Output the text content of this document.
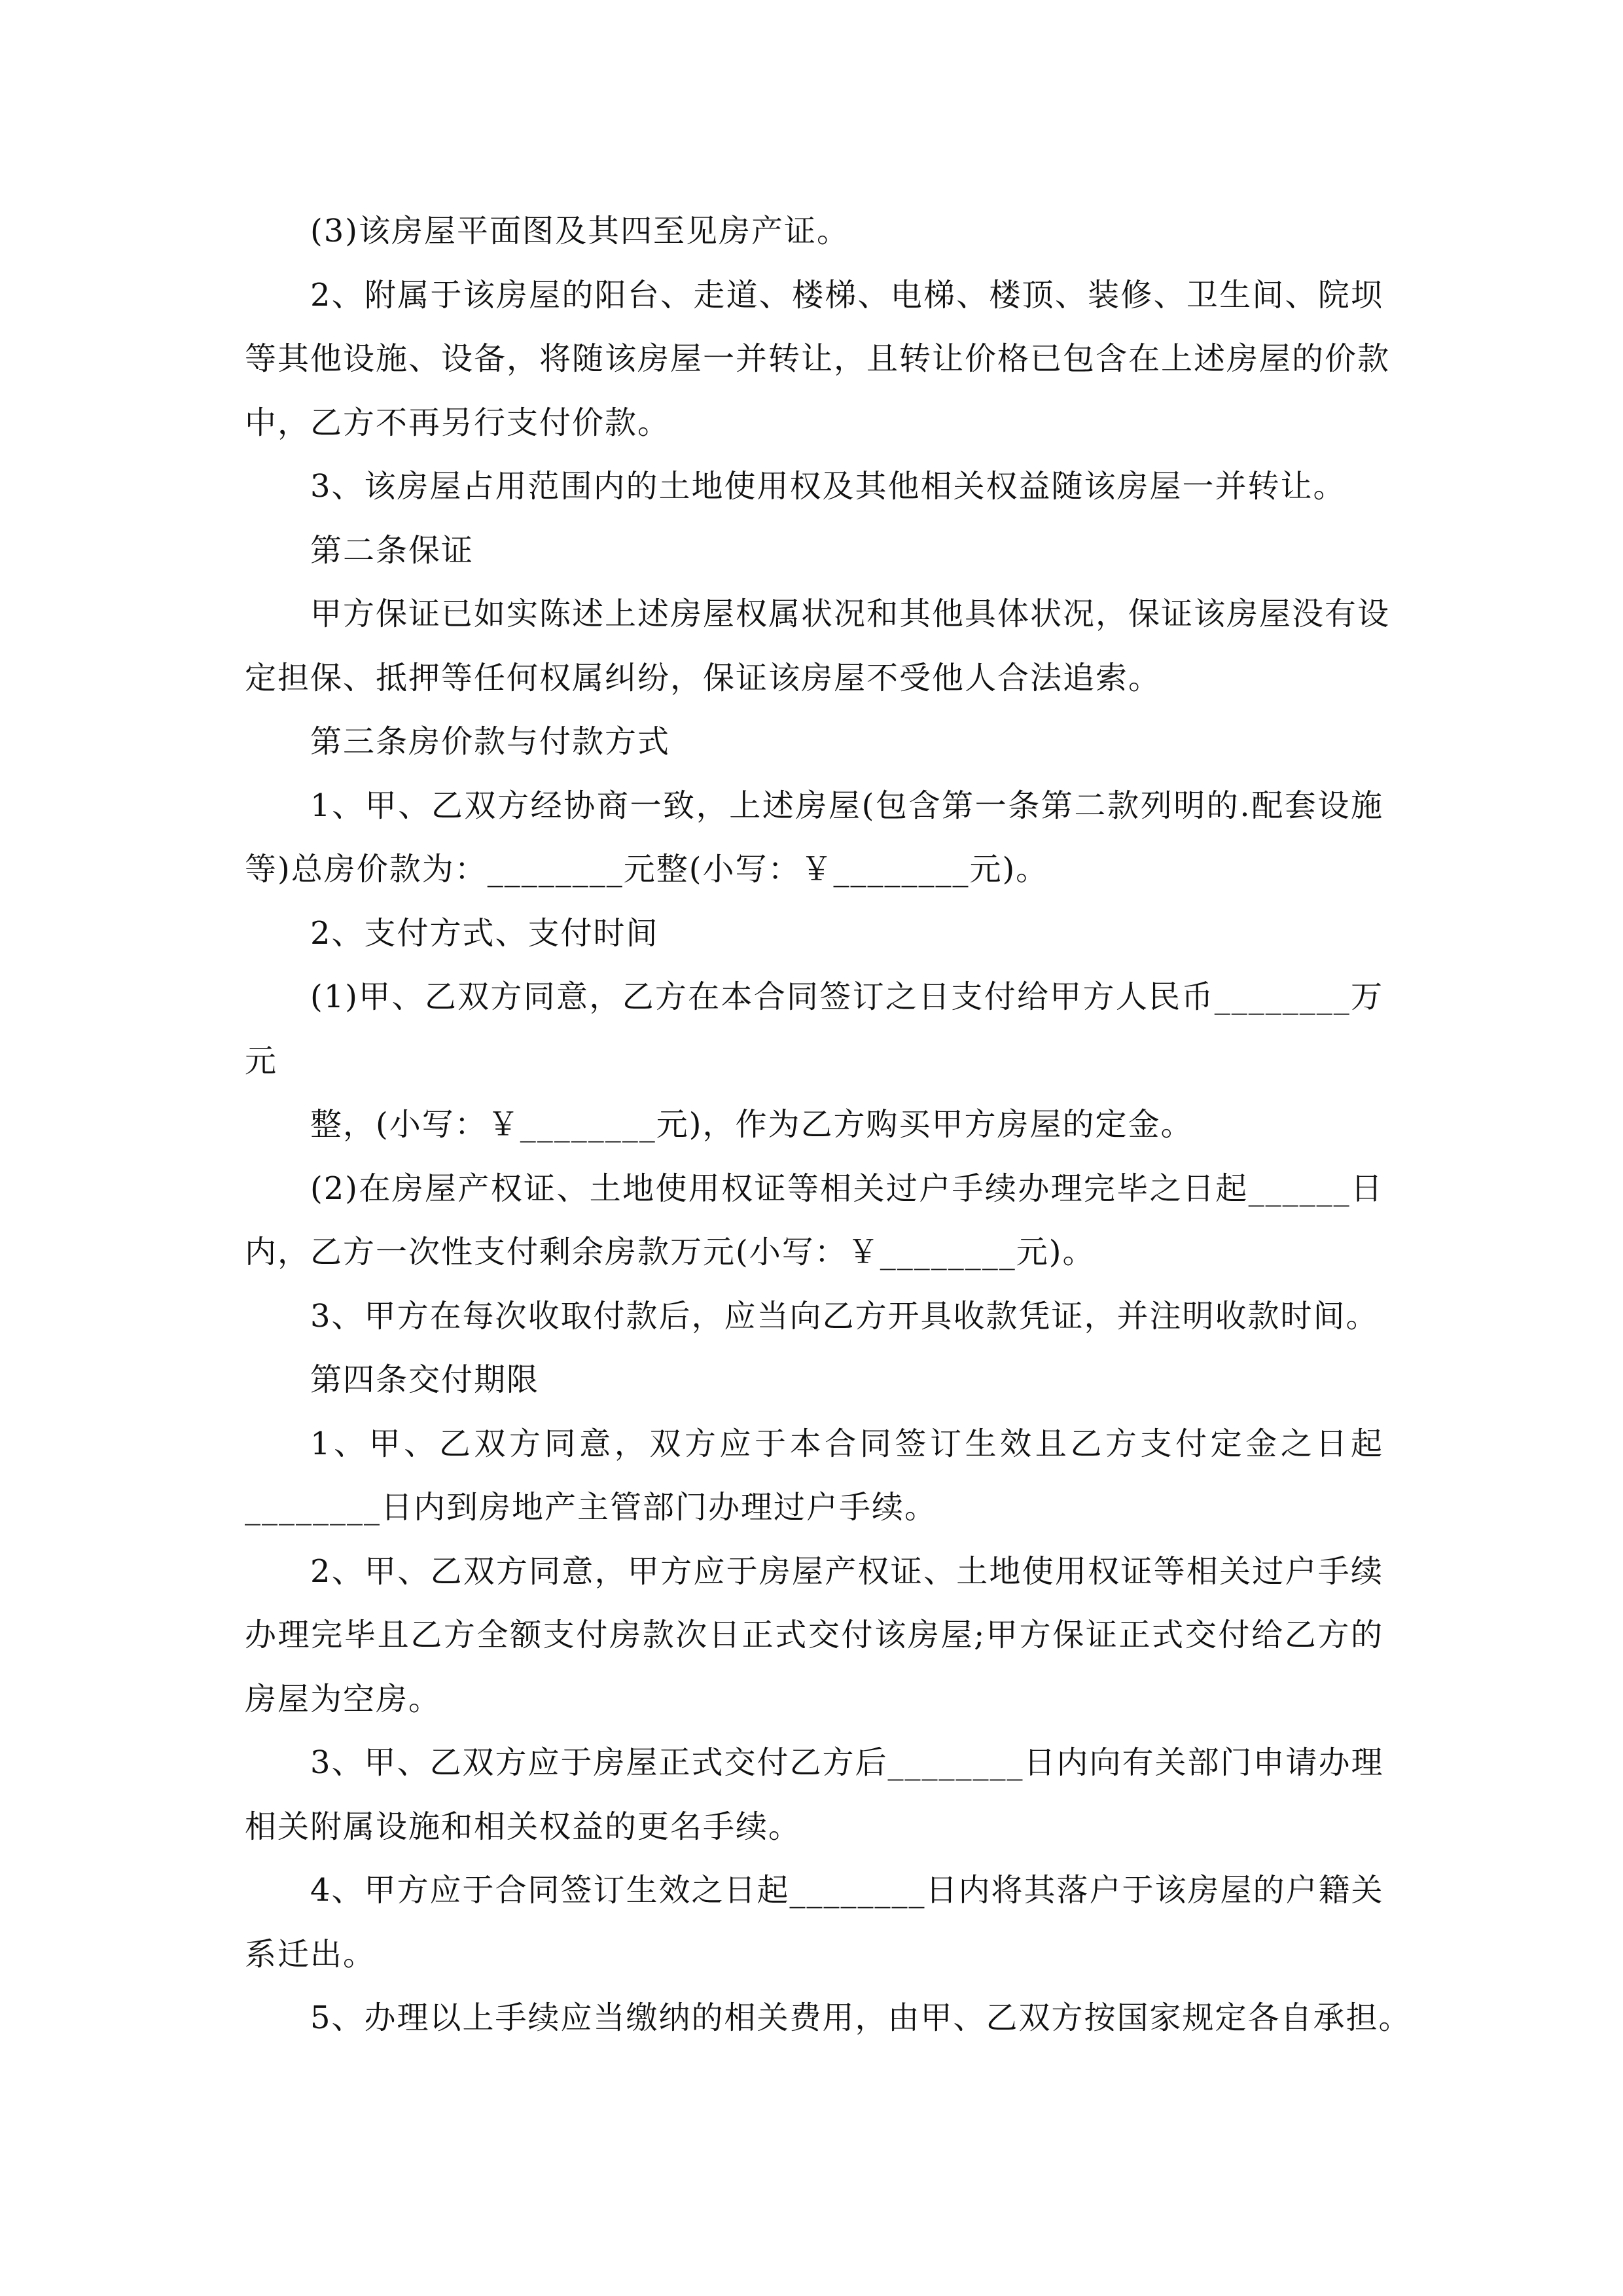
(3)该房屋平面图及其四至见房产证。
2、附属于该房屋的阳台、走道、楼梯、电梯、楼顶、装修、卫生间、院坝
等其他设施、设备，将随该房屋一并转让，且转让价格已包含在上述房屋的价款
中，乙方不再另行支付价款。
3、该房屋占用范围内的土地使用权及其他相关权益随该房屋一并转让。
第二条保证
甲方保证已如实陈述上述房屋权属状况和其他具体状况，保证该房屋没有设
定担保、抵押等任何权属纠纷，保证该房屋不受他人合法追索。
第三条房价款与付款方式
1、甲、乙双方经协商一致，上述房屋(包含第一条第二款列明的.配套设施
等)总房价款为：________元整(小写：￥________元)。
2、支付方式、支付时间
(1)甲、乙双方同意，乙方在本合同签订之日支付给甲方人民币________万
元
整，(小写：￥________元)，作为乙方购买甲方房屋的定金。
(2)在房屋产权证、土地使用权证等相关过户手续办理完毕之日起______日
内，乙方一次性支付剩余房款万元(小写：￥________元)。
3、甲方在每次收取付款后，应当向乙方开具收款凭证，并注明收款时间。
第四条交付期限
1、甲、乙双方同意，双方应于本合同签订生效且乙方支付定金之日起
________日内到房地产主管部门办理过户手续。
2、甲、乙双方同意，甲方应于房屋产权证、土地使用权证等相关过户手续
办理完毕且乙方全额支付房款次日正式交付该房屋;甲方保证正式交付给乙方的
房屋为空房。
3、甲、乙双方应于房屋正式交付乙方后________日内向有关部门申请办理
相关附属设施和相关权益的更名手续。
4、甲方应于合同签订生效之日起________日内将其落户于该房屋的户籍关
系迁出。
5、办理以上手续应当缴纳的相关费用，由甲、乙双方按国家规定各自承担。
